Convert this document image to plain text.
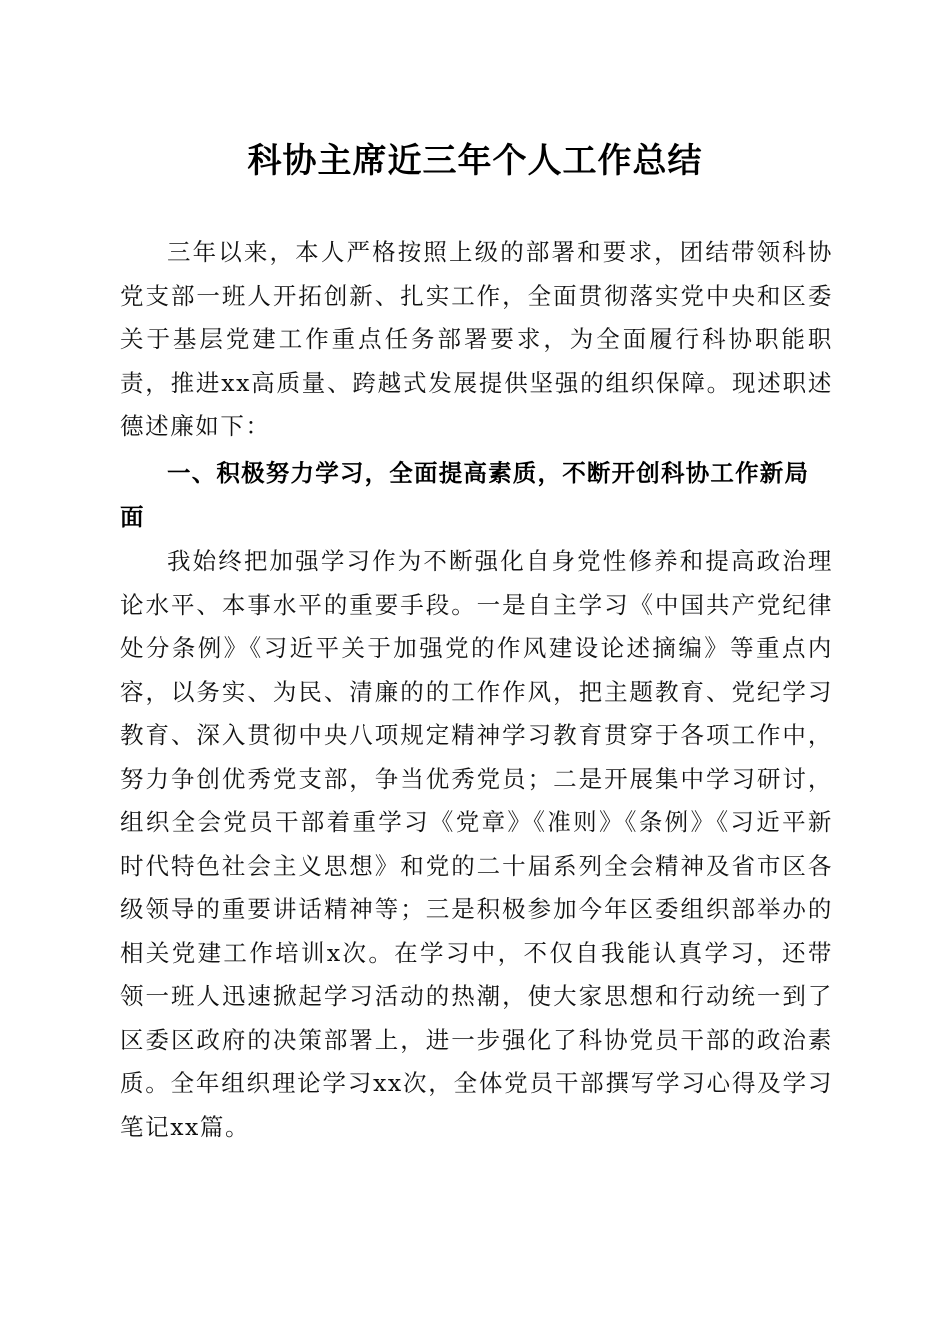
科协主席近三年个人工作总结

三年以来，本人严格按照上级的部署和要求，团结带领科协党支部一班人开拓创新、扎实工作，全面贯彻落实党中央和区委关于基层党建工作重点任务部署要求，为全面履行科协职能职责，推进xx高质量、跨越式发展提供坚强的组织保障。现述职述德述廉如下：

一、积极努力学习，全面提高素质，不断开创科协工作新局面

我始终把加强学习作为不断强化自身党性修养和提高政治理论水平、本事水平的重要手段。一是自主学习《中国共产党纪律处分条例》《习近平关于加强党的作风建设论述摘编》等重点内容，以务实、为民、清廉的的工作作风，把主题教育、党纪学习教育、深入贯彻中央八项规定精神学习教育贯穿于各项工作中，努力争创优秀党支部，争当优秀党员；二是开展集中学习研讨，组织全会党员干部着重学习《党章》《准则》《条例》《习近平新时代特色社会主义思想》和党的二十届系列全会精神及省市区各级领导的重要讲话精神等；三是积极参加今年区委组织部举办的相关党建工作培训x次。在学习中，不仅自我能认真学习，还带领一班人迅速掀起学习活动的热潮，使大家思想和行动统一到了区委区政府的决策部署上，进一步强化了科协党员干部的政治素质。全年组织理论学习xx次，全体党员干部撰写学习心得及学习笔记xx篇。
